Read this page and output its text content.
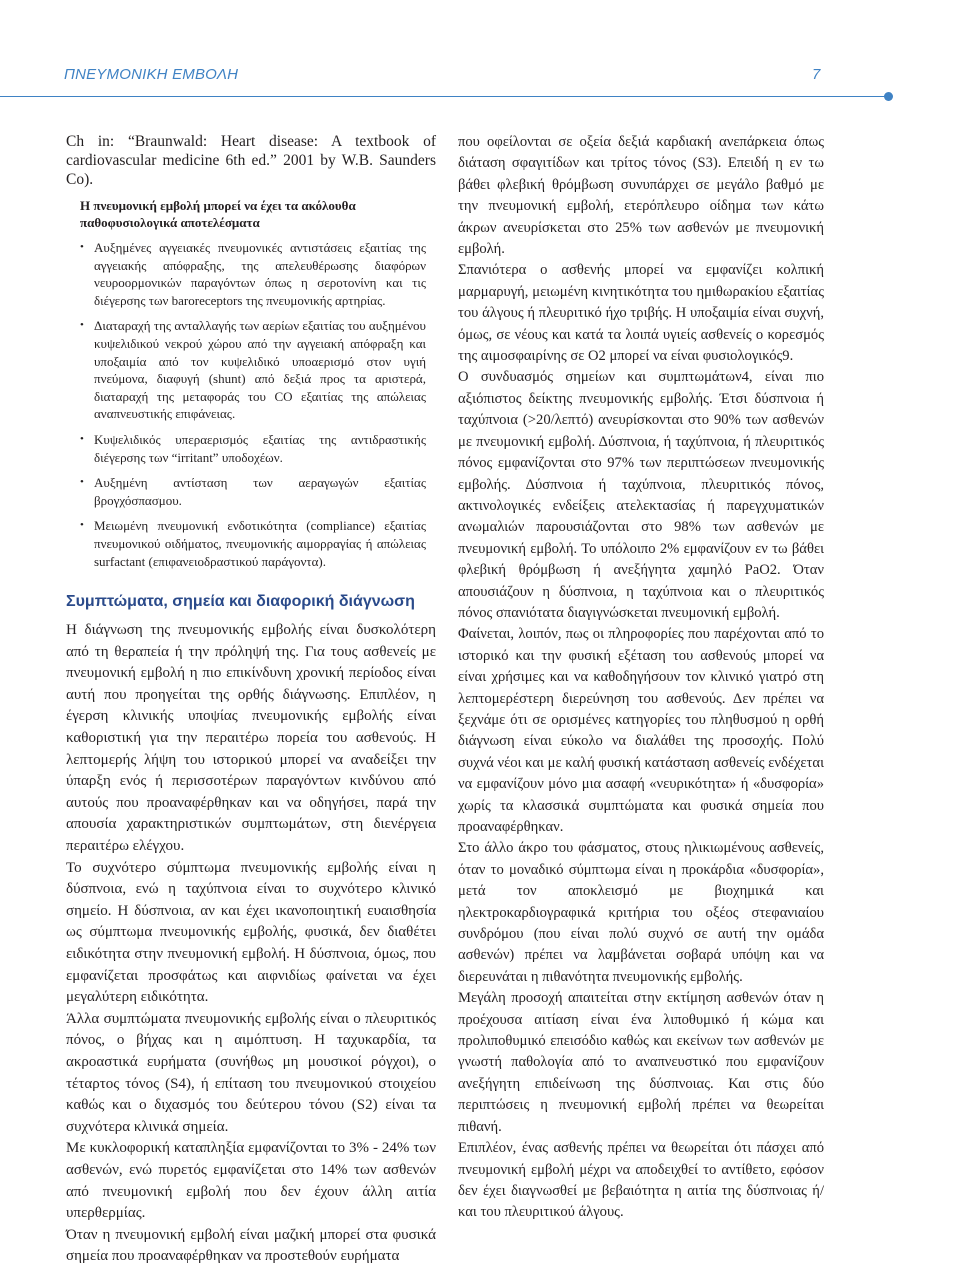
ΠΝΕΥΜΟΝΙΚΗ ΕΜΒΟΛΗ	7

Ch in: “Braunwald: Heart disease: A textbook of cardiovascular medicine 6th ed.” 2001 by W.B. Saunders Co).

Η πνευμονική εμβολή μπορεί να έχει τα ακόλουθα παθοφυσιολογικά αποτελέσματα
• Αυξημένες αγγειακές πνευμονικές αντιστάσεις εξαιτίας της αγγειακής απόφραξης, της απελευθέρωσης διαφόρων νευροορμονικών παραγόντων όπως η σεροτονίνη και τις διέγερσης των baroreceptors της πνευμονικής αρτηρίας.
• Διαταραχή της ανταλλαγής των αερίων εξαιτίας του αυξημένου κυψελιδικού νεκρού χώρου από την αγγειακή απόφραξη και υποξαιμία από τον κυψελιδικό υποαερισμό στον υγιή πνεύμονα, διαφυγή (shunt) από δεξιά προς τα αριστερά, διαταραχή της μεταφοράς του CO εξαιτίας της απώλειας αναπνευστικής επιφάνειας.
• Κυψελιδικός υπεραερισμός εξαιτίας της αντιδραστικής διέγερσης των “irritant” υποδοχέων.
• Αυξημένη αντίσταση των αεραγωγών εξαιτίας βρογχόσπασμου.
• Μειωμένη πνευμονική ενδοτικότητα (compliance) εξαιτίας πνευμονικού οιδήματος, πνευμονικής αιμορραγίας ή απώλειας surfactant (επιφανειοδραστικού παράγοντα).
Συμπτώματα, σημεία και διαφορική διάγνωση

Η διάγνωση της πνευμονικής εμβολής είναι δυσκολότερη από τη θεραπεία ή την πρόληψή της. Για τους ασθενείς με πνευμονική εμβολή η πιο επικίνδυνη χρονική περίοδος είναι αυτή που προηγείται της ορθής διάγνωσης. Επιπλέον, η έγερση κλινικής υποψίας πνευμονικής εμβολής είναι καθοριστική για την περαιτέρω πορεία του ασθενούς. Η λεπτομερής λήψη του ιστορικού μπορεί να αναδείξει την ύπαρξη ενός ή περισσοτέρων παραγόντων κινδύνου από αυτούς που προαναφέρθηκαν και να οδηγήσει, παρά την απουσία χαρακτηριστικών συμπτωμάτων, στη διενέργεια περαιτέρω ελέγχου.

Το συχνότερο σύμπτωμα πνευμονικής εμβολής είναι η δύσπνοια, ενώ η ταχύπνοια είναι το συχνότερο κλινικό σημείο. Η δύσπνοια, αν και έχει ικανοποιητική ευαισθησία ως σύμπτωμα πνευμονικής εμβολής, φυσικά, δεν διαθέτει ειδικότητα στην πνευμονική εμβολή. Η δύσπνοια, όμως, που εμφανίζεται προσφάτως και αιφνιδίως φαίνεται να έχει μεγαλύτερη ειδικότητα.

Άλλα συμπτώματα πνευμονικής εμβολής είναι ο πλευριτικός πόνος, ο βήχας και η αιμόπτυση. Η ταχυκαρδία, τα ακροαστικά ευρήματα (συνήθως μη μουσικοί ρόγχοι), ο τέταρτος τόνος (S4), ή επίταση του πνευμονικού στοιχείου καθώς και ο διχασμός του δεύτερου τόνου (S2) είναι τα συχνότερα κλινικά σημεία.

Με κυκλοφορική καταπληξία εμφανίζονται το 3% - 24% των ασθενών, ενώ πυρετός εμφανίζεται στο 14% των ασθενών από πνευμονική εμβολή που δεν έχουν άλλη αιτία υπερθερμίας.

Όταν η πνευμονική εμβολή είναι μαζική μπορεί στα φυσικά σημεία που προαναφέρθηκαν να προστεθούν ευρήματα

που οφείλονται σε οξεία δεξιά καρδιακή ανεπάρκεια όπως διάταση σφαγιτίδων και τρίτος τόνος (S3). Επειδή η εν τω βάθει φλεβική θρόμβωση συνυπάρχει σε μεγάλο βαθμό με την πνευμονική εμβολή, ετερόπλευρο οίδημα των κάτω άκρων ανευρίσκεται στο 25% των ασθενών με πνευμονική εμβολή.

Σπανιότερα ο ασθενής μπορεί να εμφανίζει κολπική μαρμαρυγή, μειωμένη κινητικότητα του ημιθωρακίου εξαιτίας του άλγους ή πλευριτικό ήχο τριβής. Η υποξαιμία είναι συχνή, όμως, σε νέους και κατά τα λοιπά υγιείς ασθενείς ο κορεσμός της αιμοσφαιρίνης σε Ο2 μπορεί να είναι φυσιολογικός9.

Ο συνδυασμός σημείων και συμπτωμάτων4, είναι πιο αξιόπιστος δείκτης πνευμονικής εμβολής. Έτσι δύσπνοια ή ταχύπνοια (>20/λεπτό) ανευρίσκονται στο 90% των ασθενών με πνευμονική εμβολή. Δύσπνοια, ή ταχύπνοια, ή πλευριτικός πόνος εμφανίζονται στο 97% των περιπτώσεων πνευμονικής εμβολής. Δύσπνοια ή ταχύπνοια, πλευριτικός πόνος, ακτινολογικές ενδείξεις ατελεκτασίας ή παρεγχυματικών ανωμαλιών παρουσιάζονται στο 98% των ασθενών με πνευμονική εμβολή. Το υπόλοιπο 2% εμφανίζουν εν τω βάθει φλεβική θρόμβωση ή ανεξήγητα χαμηλό PaO2. Όταν απουσιάζουν η δύσπνοια, η ταχύπνοια και ο πλευριτικός πόνος σπανιότατα διαγιγνώσκεται πνευμονική εμβολή.

Φαίνεται, λοιπόν, πως οι πληροφορίες που παρέχονται από το ιστορικό και την φυσική εξέταση του ασθενούς μπορεί να είναι χρήσιμες και να καθοδηγήσουν τον κλινικό γιατρό στη λεπτομερέστερη διερεύνηση του ασθενούς. Δεν πρέπει να ξεχνάμε ότι σε ορισμένες κατηγορίες του πληθυσμού η ορθή διάγνωση είναι εύκολο να διαλάθει της προσοχής. Πολύ συχνά νέοι και με καλή φυσική κατάσταση ασθενείς ενδέχεται να εμφανίζουν μόνο μια ασαφή «νευρικότητα» ή «δυσφορία» χωρίς τα κλασσικά συμπτώματα και φυσικά σημεία που προαναφέρθηκαν.

Στο άλλο άκρο του φάσματος, στους ηλικιωμένους ασθενείς, όταν το μοναδικό σύμπτωμα είναι η προκάρδια «δυσφορία», μετά τον αποκλεισμό με βιοχημικά και ηλεκτροκαρδιογραφικά κριτήρια του οξέος στεφανιαίου συνδρόμου (που είναι πολύ συχνό σε αυτή την ομάδα ασθενών) πρέπει να λαμβάνεται σοβαρά υπόψη και να διερευνάται η πιθανότητα πνευμονικής εμβολής.

Μεγάλη προσοχή απαιτείται στην εκτίμηση ασθενών όταν η προέχουσα αιτίαση είναι ένα λιποθυμικό ή κώμα και προλιπoθυμικό επεισόδιο καθώς και εκείνων των ασθενών με γνωστή παθολογία από το αναπνευστικό που εμφανίζουν ανεξήγητη επιδείνωση της δύσπνοιας. Και στις δύο περιπτώσεις η πνευμονική εμβολή πρέπει να θεωρείται πιθανή.

Επιπλέον, ένας ασθενής πρέπει να θεωρείται ότι πάσχει από πνευμονική εμβολή μέχρι να αποδειχθεί το αντίθετο, εφόσον δεν έχει διαγνωσθεί με βεβαιότητα η αιτία της δύσπνοιας ή/και του πλευριτικού άλγους.
